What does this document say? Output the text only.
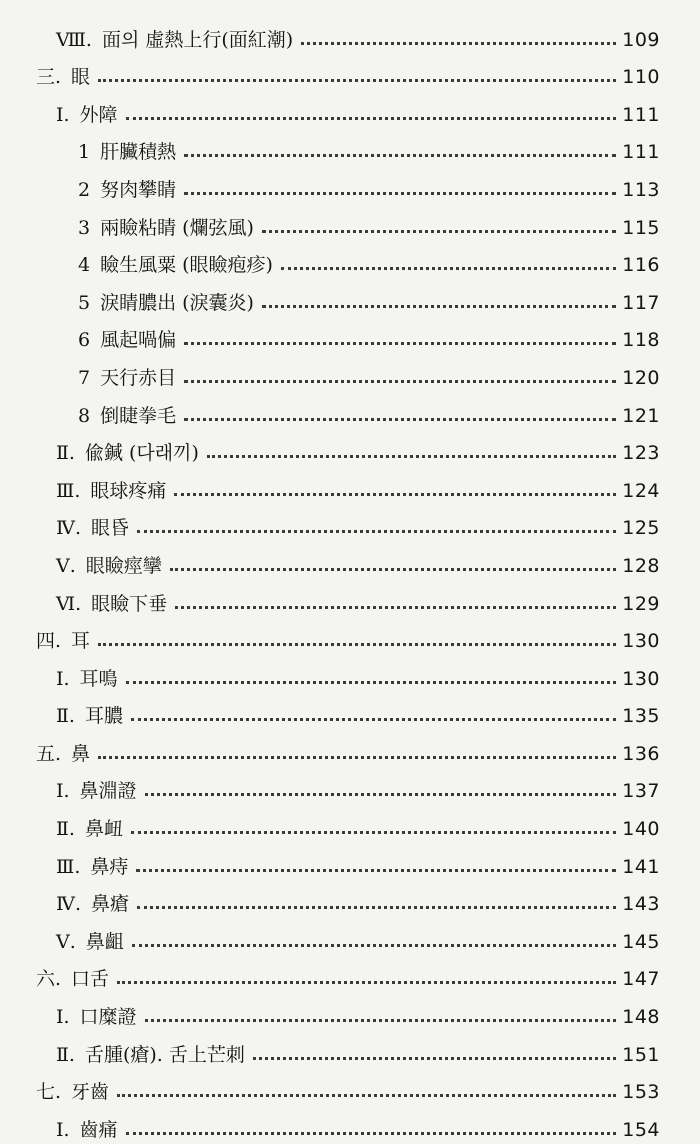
Ⅷ. 面의 虛熱上行(面紅潮)	109
三. 眼	110
Ⅰ. 外障	111
1 肝臟積熱	111
2 努肉攀睛	113
3 兩瞼粘睛 (爛弦風)	115
4 瞼生風粟 (眼瞼疱疹)	116
5 淚睛膿出 (淚囊炎)	117
6 風起喎偏	118
7 天行赤目	120
8 倒睫拳毛	121
Ⅱ. 偸鍼 (다래끼)	123
Ⅲ. 眼球疼痛	124
Ⅳ. 眼昏	125
Ⅴ. 眼瞼痙攣	128
Ⅵ. 眼瞼下垂	129
四. 耳	130
Ⅰ. 耳鳴	130
Ⅱ. 耳膿	135
五. 鼻	136
Ⅰ. 鼻淵證	137
Ⅱ. 鼻衄	140
Ⅲ. 鼻痔	141
Ⅳ. 鼻瘡	143
Ⅴ. 鼻齟	145
六. 口舌	147
Ⅰ. 口糜證	148
Ⅱ. 舌腫(瘡). 舌上芒刺	151
七. 牙齒	153
Ⅰ. 齒痛	154
